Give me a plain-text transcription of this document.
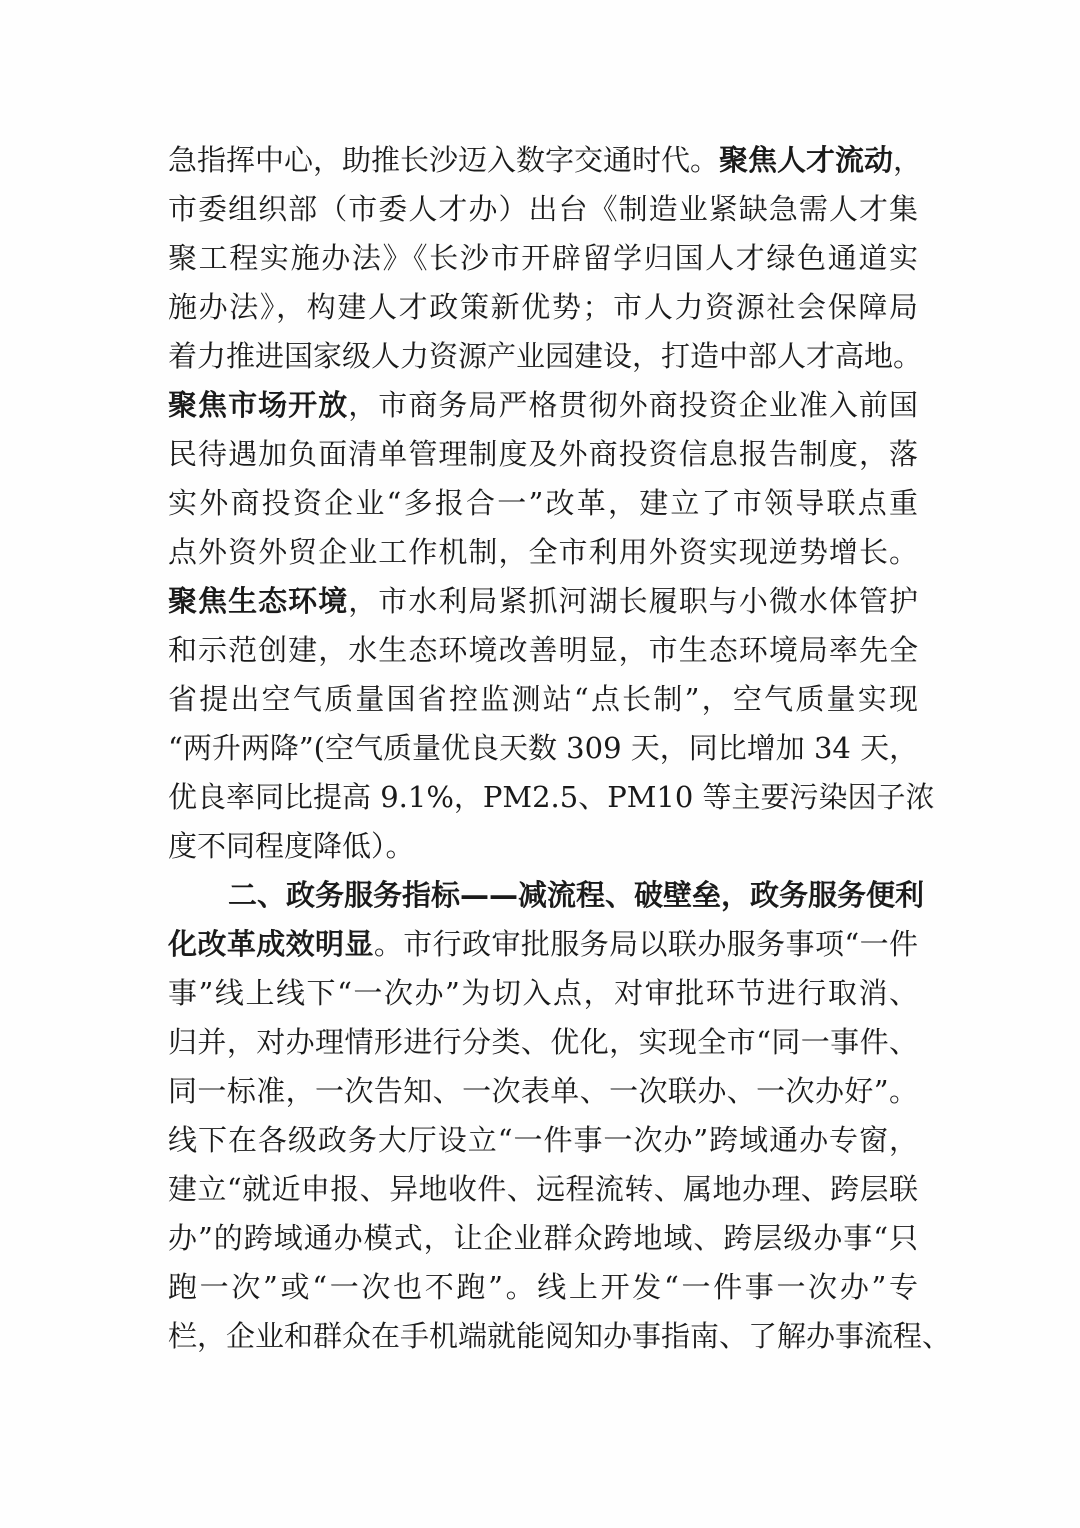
急指挥中心，助推长沙迈入数字交通时代。聚焦人才流动，
市委组织部（市委人才办）出台《制造业紧缺急需人才集
聚工程实施办法》《长沙市开辟留学归国人才绿色通道实
施办法》，构建人才政策新优势；市人力资源社会保障局
着力推进国家级人力资源产业园建设，打造中部人才高地。
聚焦市场开放，市商务局严格贯彻外商投资企业准入前国
民待遇加负面清单管理制度及外商投资信息报告制度，落
实外商投资企业“多报合一”改革，建立了市领导联点重
点外资外贸企业工作机制，全市利用外资实现逆势增长。
聚焦生态环境，市水利局紧抓河湖长履职与小微水体管护
和示范创建，水生态环境改善明显，市生态环境局率先全
省提出空气质量国省控监测站“点长制”，空气质量实现
“两升两降”(空气质量优良天数 309 天，同比增加 34 天，
优良率同比提高 9.1%，PM2.5、PM10 等主要污染因子浓
度不同程度降低）。
二、政务服务指标——减流程、破壁垒，政务服务便利
化改革成效明显。市行政审批服务局以联办服务事项“一件
事”线上线下“一次办”为切入点，对审批环节进行取消、
归并，对办理情形进行分类、优化，实现全市“同一事件、
同一标准，一次告知、一次表单、一次联办、一次办好”。
线下在各级政务大厅设立“一件事一次办”跨域通办专窗，
建立“就近申报、异地收件、远程流转、属地办理、跨层联
办”的跨域通办模式，让企业群众跨地域、跨层级办事“只
跑一次”或“一次也不跑”。线上开发“一件事一次办”专
栏，企业和群众在手机端就能阅知办事指南、了解办事流程、
